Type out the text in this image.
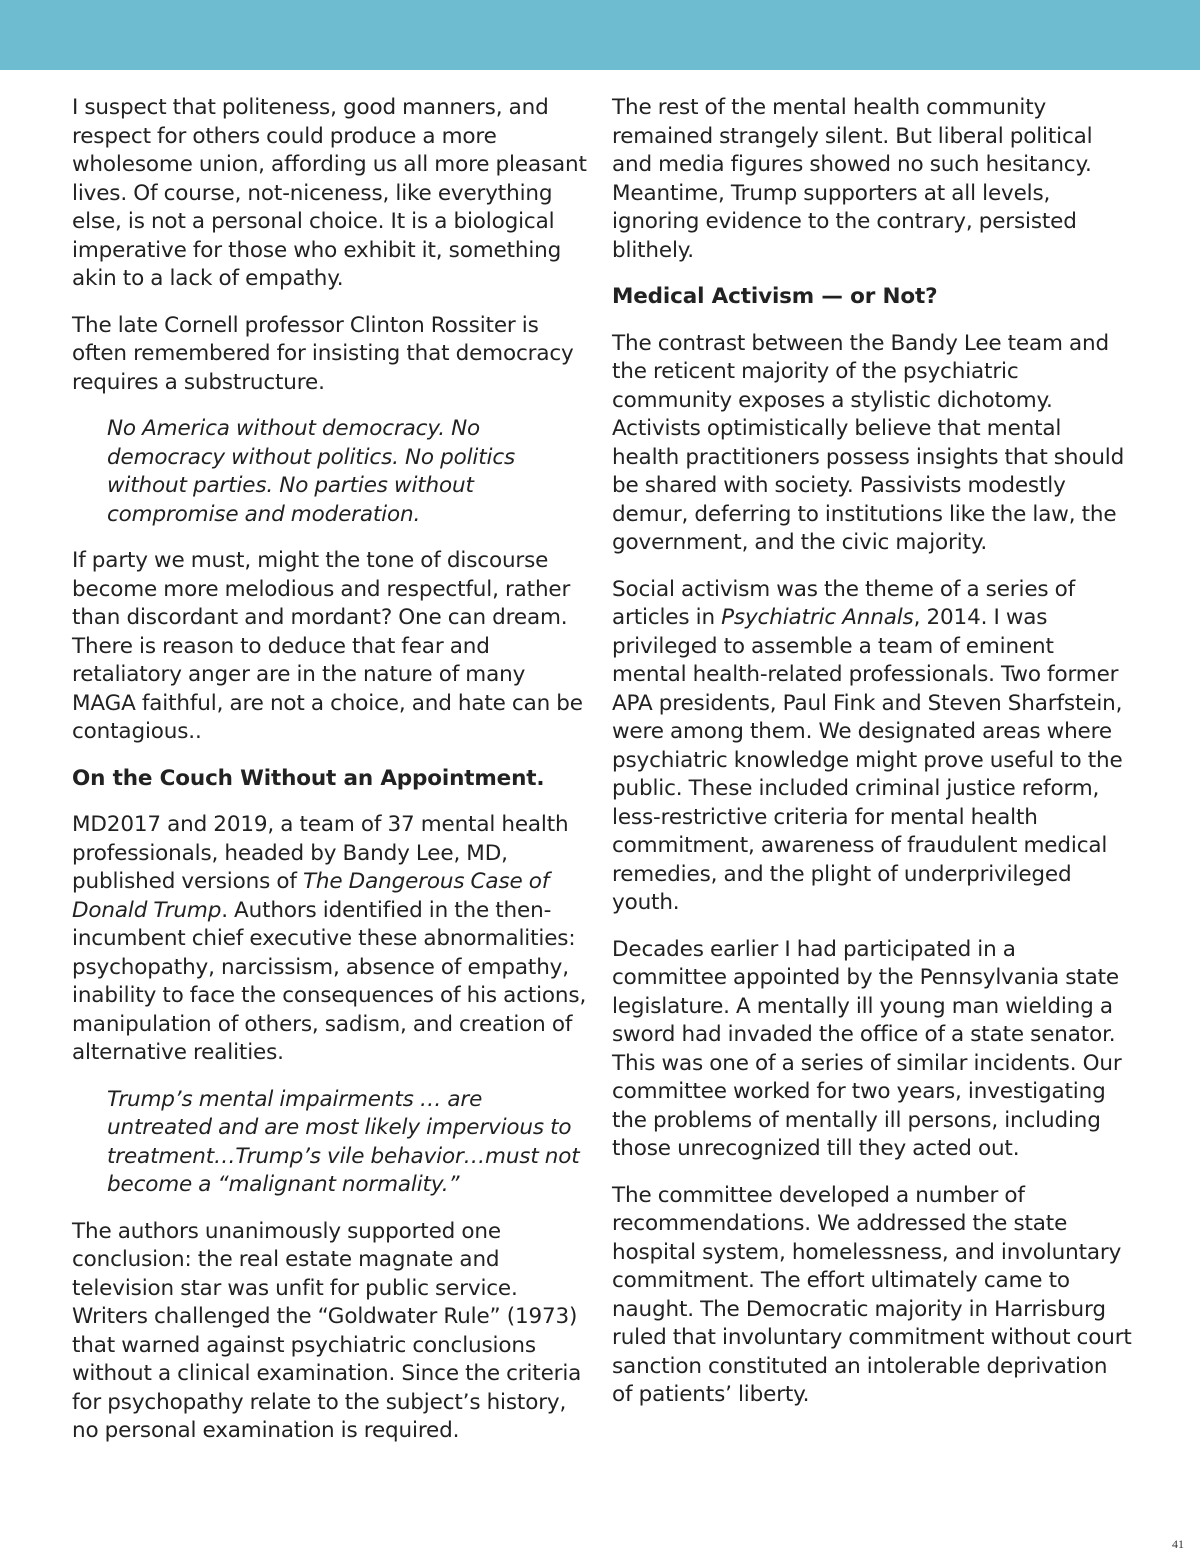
I suspect that politeness, good manners, and respect for others could produce a more wholesome union, affording us all more pleasant lives. Of course, not-niceness, like everything else, is not a personal choice. It is a biological imperative for those who exhibit it, something akin to a lack of empathy.

The late Cornell professor Clinton Rossiter is often remembered for insisting that democracy requires a substructure.

No America without democracy. No democracy without politics. No politics without parties. No parties without compromise and moderation.

If party we must, might the tone of discourse become more melodious and respectful, rather than discordant and mordant? One can dream. There is reason to deduce that fear and retaliatory anger are in the nature of many MAGA faithful, are not a choice, and hate can be contagious..

On the Couch Without an Appointment.

MD2017 and 2019, a team of 37 mental health professionals, headed by Bandy Lee, MD, published versions of The Dangerous Case of Donald Trump. Authors identified in the then-incumbent chief executive these abnormalities: psychopathy, narcissism, absence of empathy, inability to face the consequences of his actions, manipulation of others, sadism, and creation of alternative realities.

Trump’s mental impairments … are untreated and are most likely impervious to treatment…Trump’s vile behavior…must not become a “malignant normality.”

The authors unanimously supported one conclusion: the real estate magnate and television star was unfit for public service. Writers challenged the “Goldwater Rule” (1973) that warned against psychiatric conclusions without a clinical examination. Since the criteria for psychopathy relate to the subject’s history, no personal examination is required.

The rest of the mental health community remained strangely silent. But liberal political and media figures showed no such hesitancy. Meantime, Trump supporters at all levels, ignoring evidence to the contrary, persisted blithely.

Medical Activism — or Not?

The contrast between the Bandy Lee team and the reticent majority of the psychiatric community exposes a stylistic dichotomy. Activists optimistically believe that mental health practitioners possess insights that should be shared with society. Passivists modestly demur, deferring to institutions like the law, the government, and the civic majority.

Social activism was the theme of a series of articles in Psychiatric Annals, 2014. I was privileged to assemble a team of eminent mental health-related professionals. Two former APA presidents, Paul Fink and Steven Sharfstein, were among them. We designated areas where psychiatric knowledge might prove useful to the public. These included criminal justice reform, less-restrictive criteria for mental health commitment, awareness of fraudulent medical remedies, and the plight of underprivileged youth.

Decades earlier I had participated in a committee appointed by the Pennsylvania state legislature. A mentally ill young man wielding a sword had invaded the office of a state senator. This was one of a series of similar incidents. Our committee worked for two years, investigating the problems of mentally ill persons, including those unrecognized till they acted out.

The committee developed a number of recommendations. We addressed the state hospital system, homelessness, and involuntary commitment. The effort ultimately came to naught. The Democratic majority in Harrisburg ruled that involuntary commitment without court sanction constituted an intolerable deprivation of patients’ liberty.

41
